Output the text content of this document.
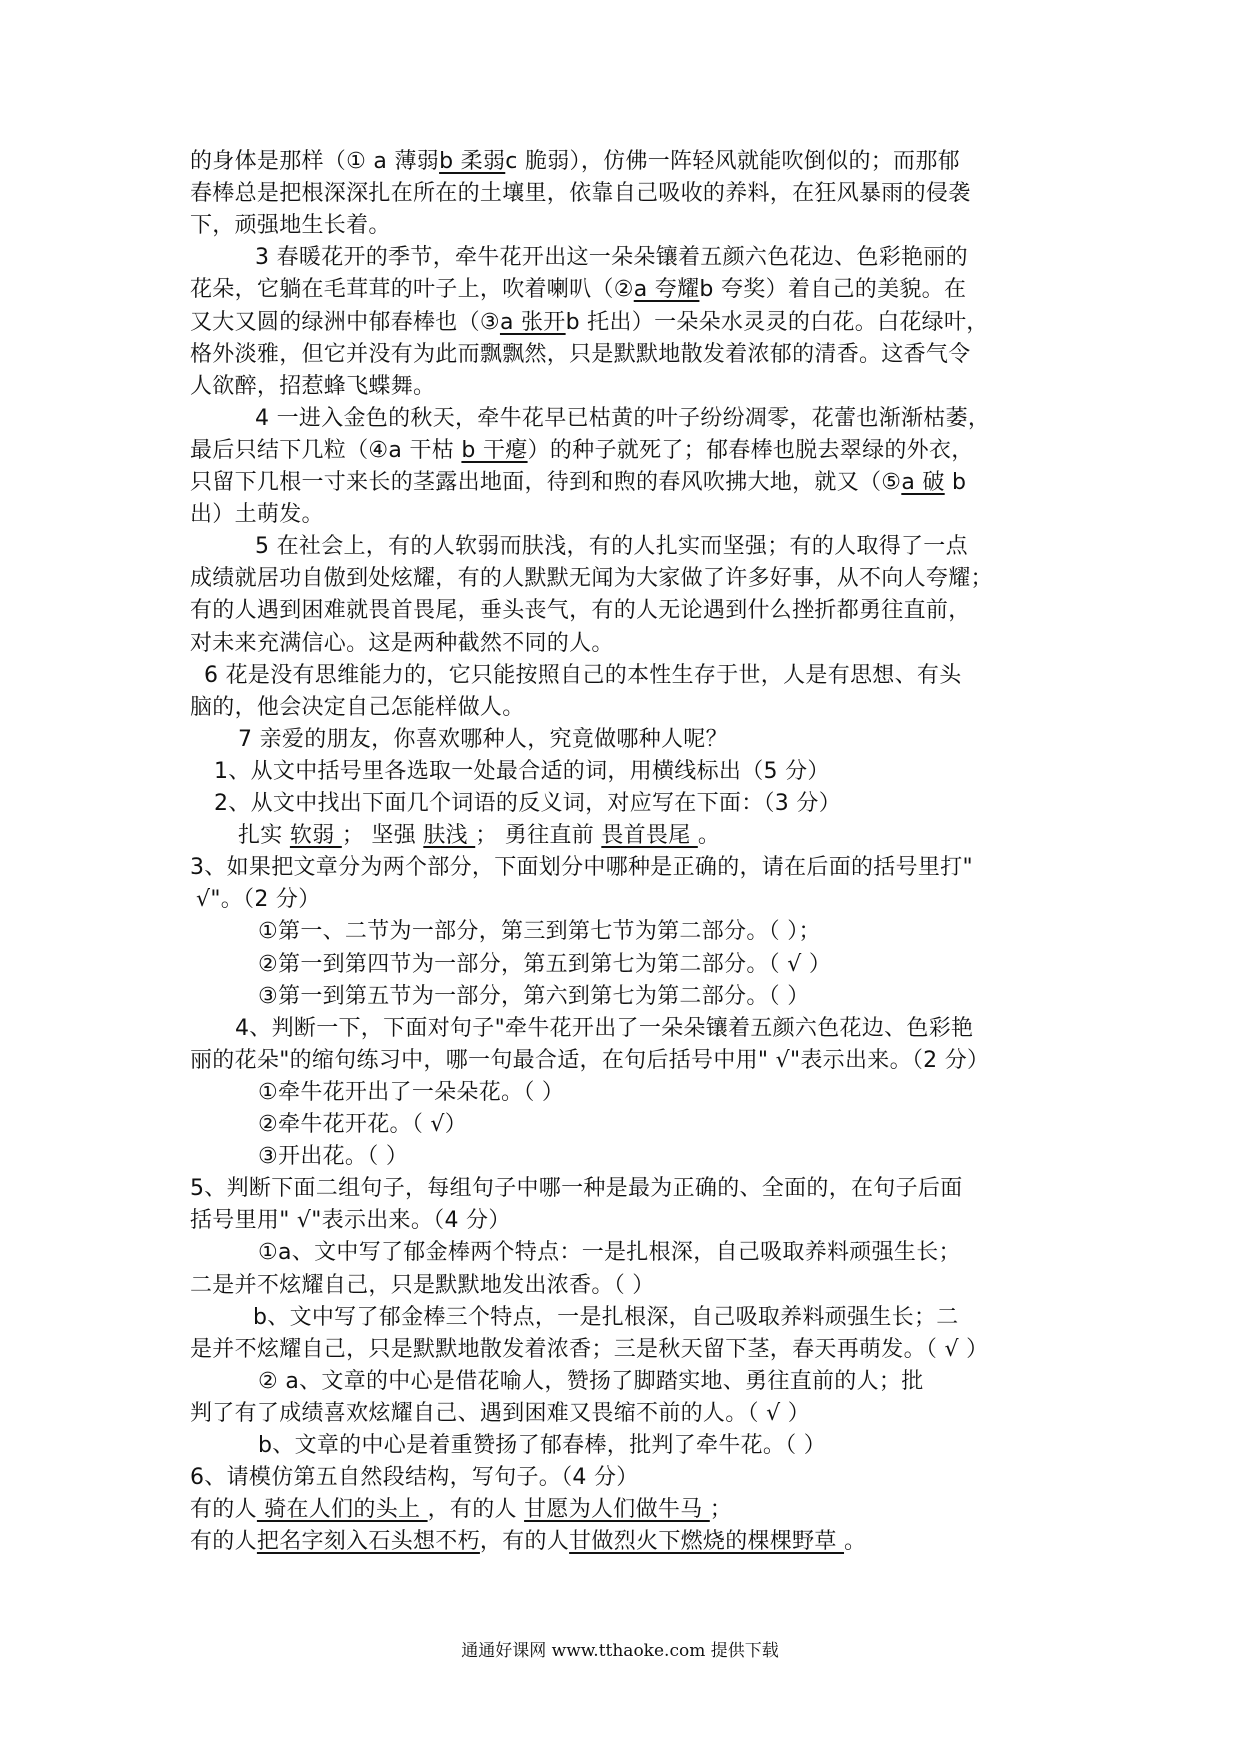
的身体是那样（① a 薄弱b 柔弱c 脆弱），仿佛一阵轻风就能吹倒似的；而那郁
春棒总是把根深深扎在所在的土壤里，依靠自己吸收的养料，在狂风暴雨的侵袭
下，顽强地生长着。
3 春暖花开的季节，牵牛花开出这一朵朵镶着五颜六色花边、色彩艳丽的
花朵，它躺在毛茸茸的叶子上，吹着喇叭（②a 夸耀b 夸奖）着自己的美貌。在
又大又圆的绿洲中郁春棒也（③a 张开b 托出）一朵朵水灵灵的白花。白花绿叶，
格外淡雅，但它并没有为此而飘飘然，只是默默地散发着浓郁的清香。这香气令
人欲醉，招惹蜂飞蝶舞。
4 一进入金色的秋天，牵牛花早已枯黄的叶子纷纷凋零，花蕾也渐渐枯萎，
最后只结下几粒（④a 干枯 b 干瘪）的种子就死了；郁春棒也脱去翠绿的外衣，
只留下几根一寸来长的茎露出地面，待到和煦的春风吹拂大地，就又（⑤a 破 b
出）土萌发。
5 在社会上，有的人软弱而肤浅，有的人扎实而坚强；有的人取得了一点
成绩就居功自傲到处炫耀，有的人默默无闻为大家做了许多好事，从不向人夸耀；
有的人遇到困难就畏首畏尾，垂头丧气，有的人无论遇到什么挫折都勇往直前，
对未来充满信心。这是两种截然不同的人。
6 花是没有思维能力的，它只能按照自己的本性生存于世，人是有思想、有头
脑的，他会决定自己怎能样做人。
7 亲爱的朋友，你喜欢哪种人，究竟做哪种人呢？
1、从文中括号里各选取一处最合适的词，用横线标出（5 分）
2、从文中找出下面几个词语的反义词，对应写在下面：（3 分）
扎实 软弱 ； 坚强 肤浅 ； 勇往直前 畏首畏尾 。
3、如果把文章分为两个部分，下面划分中哪种是正确的，请在后面的括号里打"
√"。（2 分）
①第一、二节为一部分，第三到第七节为第二部分。（ ）；
②第一到第四节为一部分，第五到第七为第二部分。（ √ ）
③第一到第五节为一部分，第六到第七为第二部分。（ ）
4、判断一下，下面对句子"牵牛花开出了一朵朵镶着五颜六色花边、色彩艳
丽的花朵"的缩句练习中，哪一句最合适，在句后括号中用" √"表示出来。（2 分）
①牵牛花开出了一朵朵花。（ ）
②牵牛花开花。（ √）
③开出花。（ ）
5、判断下面二组句子，每组句子中哪一种是最为正确的、全面的，在句子后面
括号里用" √"表示出来。（4 分）
①a、文中写了郁金棒两个特点：一是扎根深，自己吸取养料顽强生长；
二是并不炫耀自己，只是默默地发出浓香。（ ）
b、文中写了郁金棒三个特点，一是扎根深，自己吸取养料顽强生长；二
是并不炫耀自己，只是默默地散发着浓香；三是秋天留下茎，春天再萌发。（ √ ）
② a、文章的中心是借花喻人，赞扬了脚踏实地、勇往直前的人；批
判了有了成绩喜欢炫耀自己、遇到困难又畏缩不前的人。（ √ ）
b、文章的中心是着重赞扬了郁春棒，批判了牵牛花。（ ）
6、请模仿第五自然段结构，写句子。（4 分）
有的人 骑在人们的头上 ，有的人 甘愿为人们做牛马 ；
有的人把名字刻入石头想不朽，有的人甘做烈火下燃烧的棵棵野草 。
通通好课网 www.tthaoke.com 提供下载
